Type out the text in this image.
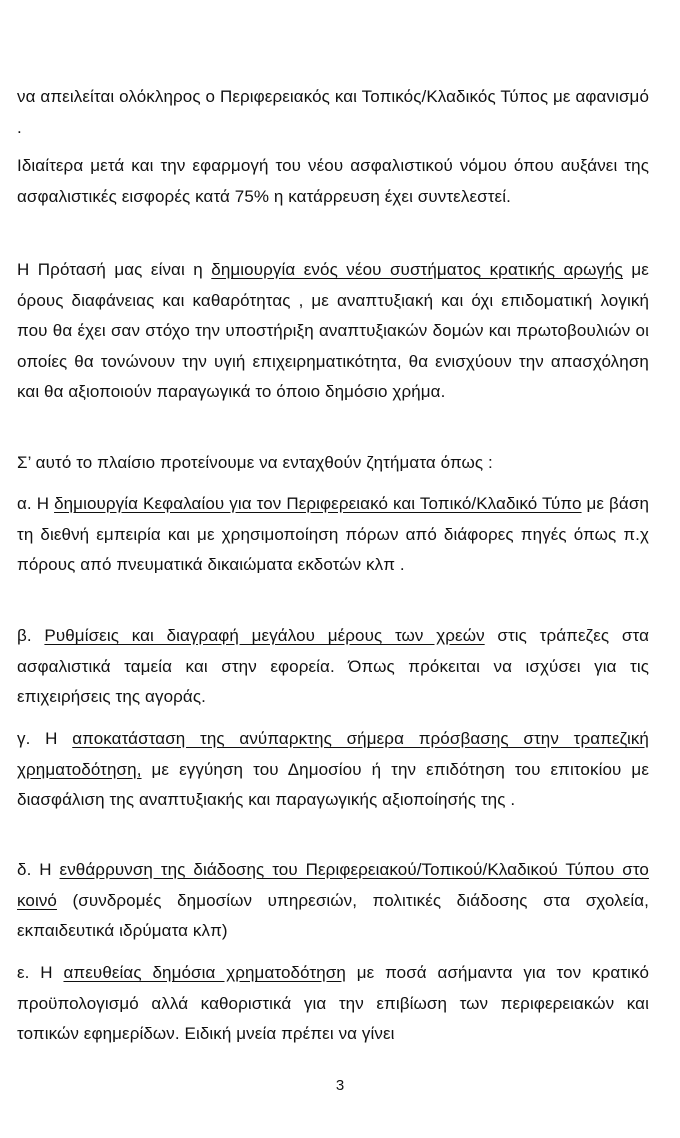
να απειλείται ολόκληρος ο Περιφερειακός και Τοπικός/Κλαδικός Τύπος με αφανισμό .

Ιδιαίτερα μετά και την εφαρμογή του νέου ασφαλιστικού νόμου όπου αυξάνει της ασφαλιστικές εισφορές κατά 75% η κατάρρευση έχει συντελεστεί.

Η Πρότασή μας είναι η δημιουργία ενός νέου συστήματος κρατικής αρωγής με όρους διαφάνειας και καθαρότητας , με αναπτυξιακή και όχι επιδοματική λογική που θα έχει σαν στόχο την υποστήριξη αναπτυξιακών δομών και πρωτοβουλιών οι οποίες θα τονώνουν την υγιή επιχειρηματικότητα, θα ενισχύουν την απασχόληση και θα αξιοποιούν παραγωγικά το όποιο δημόσιο χρήμα.

Σ’ αυτό το πλαίσιο προτείνουμε να ενταχθούν ζητήματα όπως :

α. Η δημιουργία Κεφαλαίου για τον Περιφερειακό και Τοπικό/Κλαδικό Τύπο με βάση τη διεθνή εμπειρία και με χρησιμοποίηση πόρων από διάφορες πηγές όπως π.χ πόρους από πνευματικά δικαιώματα εκδοτών κλπ .

β. Ρυθμίσεις και διαγραφή μεγάλου μέρους των χρεών στις τράπεζες στα ασφαλιστικά ταμεία και στην εφορεία. Όπως πρόκειται να ισχύσει για τις επιχειρήσεις της αγοράς.

γ. Η αποκατάσταση της ανύπαρκτης σήμερα πρόσβασης στην τραπεζική χρηματοδότηση, με εγγύηση του Δημοσίου ή την επιδότηση του επιτοκίου με διασφάλιση της αναπτυξιακής και παραγωγικής αξιοποίησής της .

δ. Η ενθάρρυνση της διάδοσης του Περιφερειακού/Τοπικού/Κλαδικού Τύπου στο κοινό (συνδρομές δημοσίων υπηρεσιών, πολιτικές διάδοσης στα σχολεία, εκπαιδευτικά ιδρύματα κλπ)

ε. Η απευθείας δημόσια χρηματοδότηση με ποσά ασήμαντα για τον κρατικό προϋπολογισμό αλλά καθοριστικά για την επιβίωση των περιφερειακών και τοπικών εφημερίδων. Ειδική μνεία πρέπει να γίνει

3
